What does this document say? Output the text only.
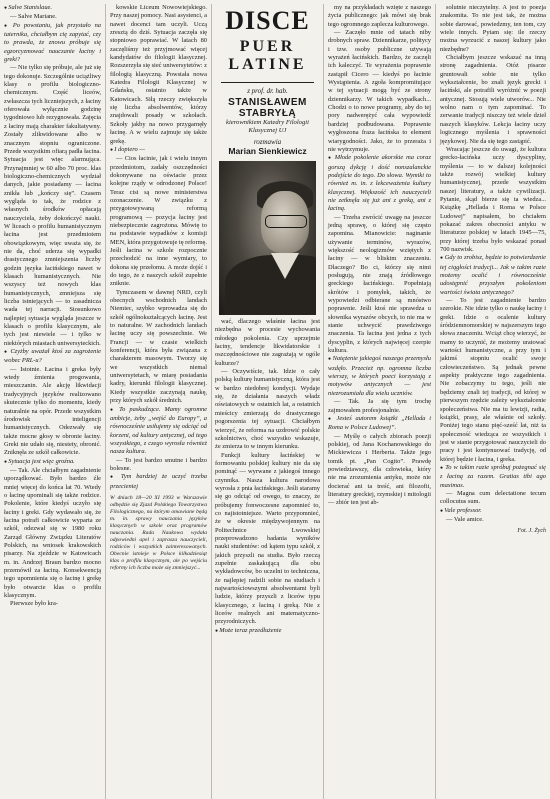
● Salve Stanislaue.

— Salve Mariane.

● Po powstaniu, jak przystało na taternika, chciałbym cię zapytać, czy to prawda, że znowu próbuje się egzorcyzmować nauczanie łaciny i greki?

— Nie tylko się próbuje, ale już się tego dokonuje. Szczególnie uciążliwy klasy o profilu biologiczno-chemicznym. Część liceów, zwłaszcza tych liczniejszych, z łaciny oferowała wyłącznie godzinę tygodniowo lub rezygnowała. Zajęcia z łaciny mają charakter fakultatywny. Zostały zlikwidowane albo w znacznym stopniu ograniczone. Przede wszystkim ofiarą padła łacina. Sytuacja jest więc alarmująca. Przynajmniej w 60 albo 70 proc. klas biologiczno-chemicznych wydział danych, jakie posiadamy — łacina znikła lub „kończy się”. Czasem wygląda to tak, że rodzice z własnych środków opłacają nauczyciela, żeby dokończyć nauki. W liceach o profilu humanistycznym łacina jest przedmiotem obowiązkowym, więc uważa się, że nie da, choć uderza się wypadki drastycznego zmniejszenia liczby godzin języka łacińskiego nawet w klasach humanistycznych. Nie wszyscy też nowych klas humanistycznych, zmniejsza się liczba istniejących — to zasadnicza wada tej narracji. Stosunkowo najlepiej sytuacja wygląda jeszcze w klasach o profilu klasycznym, ale tych jest niewiele — i tylko w niektórych miastach uniwersyteckich.

● Czyżby uważał ktoś za zagrożenie wobec PRL-u?

— Istotnie. Łacina i greka były wtedy źmienia progowania, mieszczanin. Ale akcję likwidacji tradycyjnych języków realizowano skutecznie tylko do momentu, kiedy naturalnie na opór. Przede wszystkim środowisk inteligencji humanistycznych. Odezwały się także mocne głosy w obronie łaciny. Greki nie udało się, niestety, obronić. Zniknęła ze szkół całkowicie.

● Sytuacja jest więc groźna.

— Tak. Ale chciałbym zagadnienie uporządkować. Było bardzo źle mniej więcej do końca lat 70. Wtedy o łacinę upominali się także rodzice. Pokolenie, które kiedyś uczyło się łaciny i greki. Gdy wydawało się, że łacina potrafi całkowicie wyparta ze szkół, odezwał się w 1980 roku Zarząd Główny Związku Literatów Polskich, na wniosek krakowskich pisarzy. Na zjeździe w Katowicach m. in. Andrzej Braun bardzo mocno przemówił za łaciną. Konsekwencją tego upomnienia się o łacinę i grekę było otwarcie klas o profilu klasycznym.

Pierwsze było kra-

kowskie Liceum Nowowiejskiego. Przy naszej pomocy. Nasi asystenci, a nawet docenci tam uczyli. Uczą zresztą do dziś. Sytuacja zaczęła się stopniowo poprawiać. W latach 80 zaczęliśmy też przyjmować więcej kandydatów do filologii klasycznej. Rozszerzyła się sieć uniwersytetów: z filologią klasyczną. Powstała nowa Katedra Filologii Klasycznej w Gdańsku, ostatnio także w Katowicach. Siłą rzeczy zwiększyła się liczba absolwentów, którzy znajdowali posady w szkołach. Szkoły jakby na nowo przygarnęły łacinę. A w wielu zajmuje się także grekę.

● I dopiero —

— Cios łacinie, jak i wielu innym przedmiotom, zadały oszczędności dokonywane na oświacie przez kolejne rządy w odrodzonej Polsce! Teraz cisi są nowe ministerstwa ozonaczenie. W związku z przygotowywaną reformą programową — pozycja łaciny jest niebezpiecznie zagrożona. Mówię to na podstawie wypadków z komisji MEN, która przygotowuje tę reformę. Jeśli łacina w szkole rozpocznie przechodzić na inne wymiary, to dokona się przełomu. A może dojść i do tego, że z naszych szkół zupełnie zniknie.

Tymczasem w dawnej NRD, czyli obecnych wschodnich landach Niemiec, szybko wprowadza się do szkół ogólnokształcących łacinę. Jest to naturalne. W zachodnich landach łacinę uczy się powszechnie. We Francji — w czasie wielkich konferencji, która była związana z charakterem masowym. Tworzy się we wszystkich niemal uniwersytetach, w miarę posiadania kadry, kierunki filologii klasycznej. Kiedy wszystkie zaczynają naukę, przy których szkół średnich.

● To paskudzące. Mamy ogromne ambicje, żeby „wejść do Europy”, a równocześnie usiłujemy się odciąć od korzeni, od kultury antycznej, od tego wszystkiego, z czego wyrosła również nasza kultura.

— To jest bardzo smutne i bardzo bolesne.

● Tym bardziej że uczyć trzeba przecieniej

W dniach 18—20 XI 1993 w Warszawie odbędzie się Zjazd Polskiego Towarzystwa Filologicznego, na którym omawiane będą m. in. sprawy nauczania języków klasycznych w szkole oraz programów nauczania. Rada Naukowa wydała odpowiedni apel i zaprasza nauczycieli, rodziców i wszystkich zainteresowanych. Obecnie istnieje w Polsce kilkadziesiąt klas o profilu klasycznym, ale po wejściu reformy ich liczba może się zmniejszyć...
DISCE
PUER
LATINE
z prof. dr. hab.
STANISŁAWEM STABRYŁĄ
kierownikiem Katedry Filologii Klasycznej UJ
rozmawia
Marian Sienkiewicz

wać, dlaczego właśnie łacina jest niezbędna w procesie wychowania młodego pokolenia. Czy uprzejmie łaciny, tendencje likwidatorskie i oszczędnościowe nie zagrażają w ogóle kulturze?

— Oczywiście, tak. Idzie o cały polską kulturę humanistyczną, która jest w bardzo niedobrej kondycji. Wydaje się, że działania naszych władz oświatowych w ostatnich lat, a ostatnich mieścicy zmierzają do drastycznego pogorszenia tej sytuacji. Chciałbym wierzyć, że reforma na uzdrowić polskie szkolnictwo, choć wszystko wskazuje, że zmierza to w innym kierunku.

Funkcji kultury łacińskiej w formowaniu polskiej kultury nie da się pominąć — wyrwane z jakiegoś innego czynnika. Nasza kultura narodowa wyrosła z pnia łacińskiego. Jeśli staramy się go odciąć od owego, to znaczy, że próbujemy fonwoczesne zapomnieć to, co najistotniejsze. Warto przypomnieć, że w okresie międzywojennym na Politechnice Lwowskiej przeprowadzono badania wyników nauki studentów: od kątem typu szkół, z jakich przyszli na studia. Było rzeczą zupełnie zaskakującą dla obu wykładowców, bo uczelni to techniczna, że najlepiej radzili sobie na studiach i najwartościowszymi absolwentami byli ludzie, którzy przyszli z liceów typu klasycznego, z łaciną i greką. Nie z liceów realnych ani matematyczno-przyrodniczych.

● Może teraz przedłużenie

my na przykładach wzięte z naszego życia publicznego: jak mówi się brak tego ogromnego zaplecza kulturowego.

— Zaczęło mnie od tatach niby drobnych spraw. Dziennikarze, politycy i tzw. osoby publiczne używają wyrażeń łacińskich. Bardzo, że zaczęli ich kaleczyć. Te wyrażenia poprawnie zastąpił Cicero — kiedyś po łacinie Wystąpienia. A zgoła kompromitujące w tej sytuacji mogą być ze strony dziennikarzy. W takich wypadkach... Chodzi o to nowe programy, aby do tej pory nadwerężyć cała wypowiedź bardziej podbudowana. Poprawnie wygłoszona fraza łacińska to element wiarygodności. Jako, że to przeraża i nie wytrzymuje.

● Młode pokolenie akorskie ma coraz gorszą dykcję i dość nonszalanckie podejście do tego. Do słowa. Wymiki to również m. in. z lekceważenia kultury klasycznej. Większość ich nauczycieli nie zetknęła się już ani z greką, ani z łaciną.

— Trzeba zwrócić uwagę na jeszcze jedną sprawę, o której się często zapomina. Mianowicie: naginanie używanie terminów, wyrazów, większość neologizmów wziętych z łaciny — w bliskim znaczeniu. Dlaczego? Bo ci, którzy się nimi posługują, nie znają źródłowego greckiego łacińskiego. Popełniają skrótów i pomyłek, takich, że wypowiedzi odbierane są mnóstwo poprawnie. Jeśli ktoś nie sprawdza u słownika wyrazów obcych, to nie ma w stanie uchwycić prawdziwego znaczenia. Ta łacina jest jedna z tych dyscyplin, z których najwięcej czerpie kultura.

● Natężenie jakiegoś naszego przemysłu wzdęło. Przecież np. ogromna liczba wierszy, w których poeci korzystają z motywów antycznych — jest niezrozumiała dla wielu uczniów.

— Tak. Ja się tym trochę zajmowałem profesjonalnie.

● Jesteś autorem książki „Hellada i Roma w Polsce Ludowej”.

— Myślę o całych zbiorach poezji polskiej, od Jana Kochanowskiego do Mickiewicza i Herberta. Także jego tomik pt. „Pan Cogito”. Prawdę powiedziawszy, dla człowieka, który nie ma zrozumienia antyku, może nie docierać ani ta treść, ani filozofii, literatury greckiej, rzymskiej i mitologii — zbiór ten jest ab-

solutnie nieczytelny. A jest to poezja znakomita. To nie jest tak, że można sobie darować, powiedzmy, ten tom, czy wiele innych. Pytam się: ile rzeczy można wyrzucić z naszej kultury jako niezbędne?

Chciałbym jeszcze wskazać na inną stronę zagadnienia. Otóż pisarze gruntowali sobie nie tylko wykształcenie, bo znali język grecki i łaciński, ale potrafili wyróżnić w poezji antycznej. Stosują wiele utworów... Nie wolno nam o tym zapominać. To zerwanie tradycji niszczy też wiele dzieł naszych klasyków. Lekcja łaciny uczy logicznego myślenia i sprawności językowej. Nie da się tego zastąpić.

Wracając jeszcze do uwagi, że kultura grecko-łacińska uczy dyscypliny, myślenia — to w dalszej kolejności także rozwój wielkiej kultury humanistycznej, przede wszystkim naszej literatury, a także cywilizacji. Pytanie, skąd bierze się ta wiedza... Książkę „Hellada i Roma w Polsce Ludowej” napisałem, bo chciałem pokazać zakres obecności antyku w literaturze polskiej w latach 1945—75, przy której trzeba było wskazać ponad 700 nazwisk.

● Gdy to zrobisz, będzie to potwierdzenie tej ciągłości tradycji... Jak w takim razie możemy ocalić i równocześnie udostępnić przyszłym pokoleniom wartości świata antycznego?

— To jest zagadnienie bardzo szerokie. Nie idzie tylko o naukę łaciny i greki. Idzie o ocalenie kultury śródziemnomorskiej w najszerszym tego słowa znaczeniu. Wciąż chcę wierzyć, że mamy to uczynić, że możemy uratować wartości humanistyczne, a przy tym i jakimś stopniu ocalić swoje człowieczeństwo. Są jednak pewne aspekty praktyczne tego zagadnienia. Nie zobaczymy tu tego, jeśli nie będziemy znali tej tradycji, od której w pierwszym rzędzie zależy wykształcenie społeczeństwa. Nie ma tu lewizji, radia, książki, prasy, ale właśnie od szkoły. Poniżej tego stanu pięć-sześć lat, niż ta społeczność wiedząca ze wszystkich i jest w stanie przygotować nauczycieli do pracy i jest kontynuować tradycję, od której będzie i łacina, i greka.

● To w takim razie spróbuj pożegnać się z łaciną za razem. Gratias tibi ago maximas.

— Magna cum delectatione tecum collocutus sum.

● Vale professor.

— Vale amice.

Fot. J. Żych
